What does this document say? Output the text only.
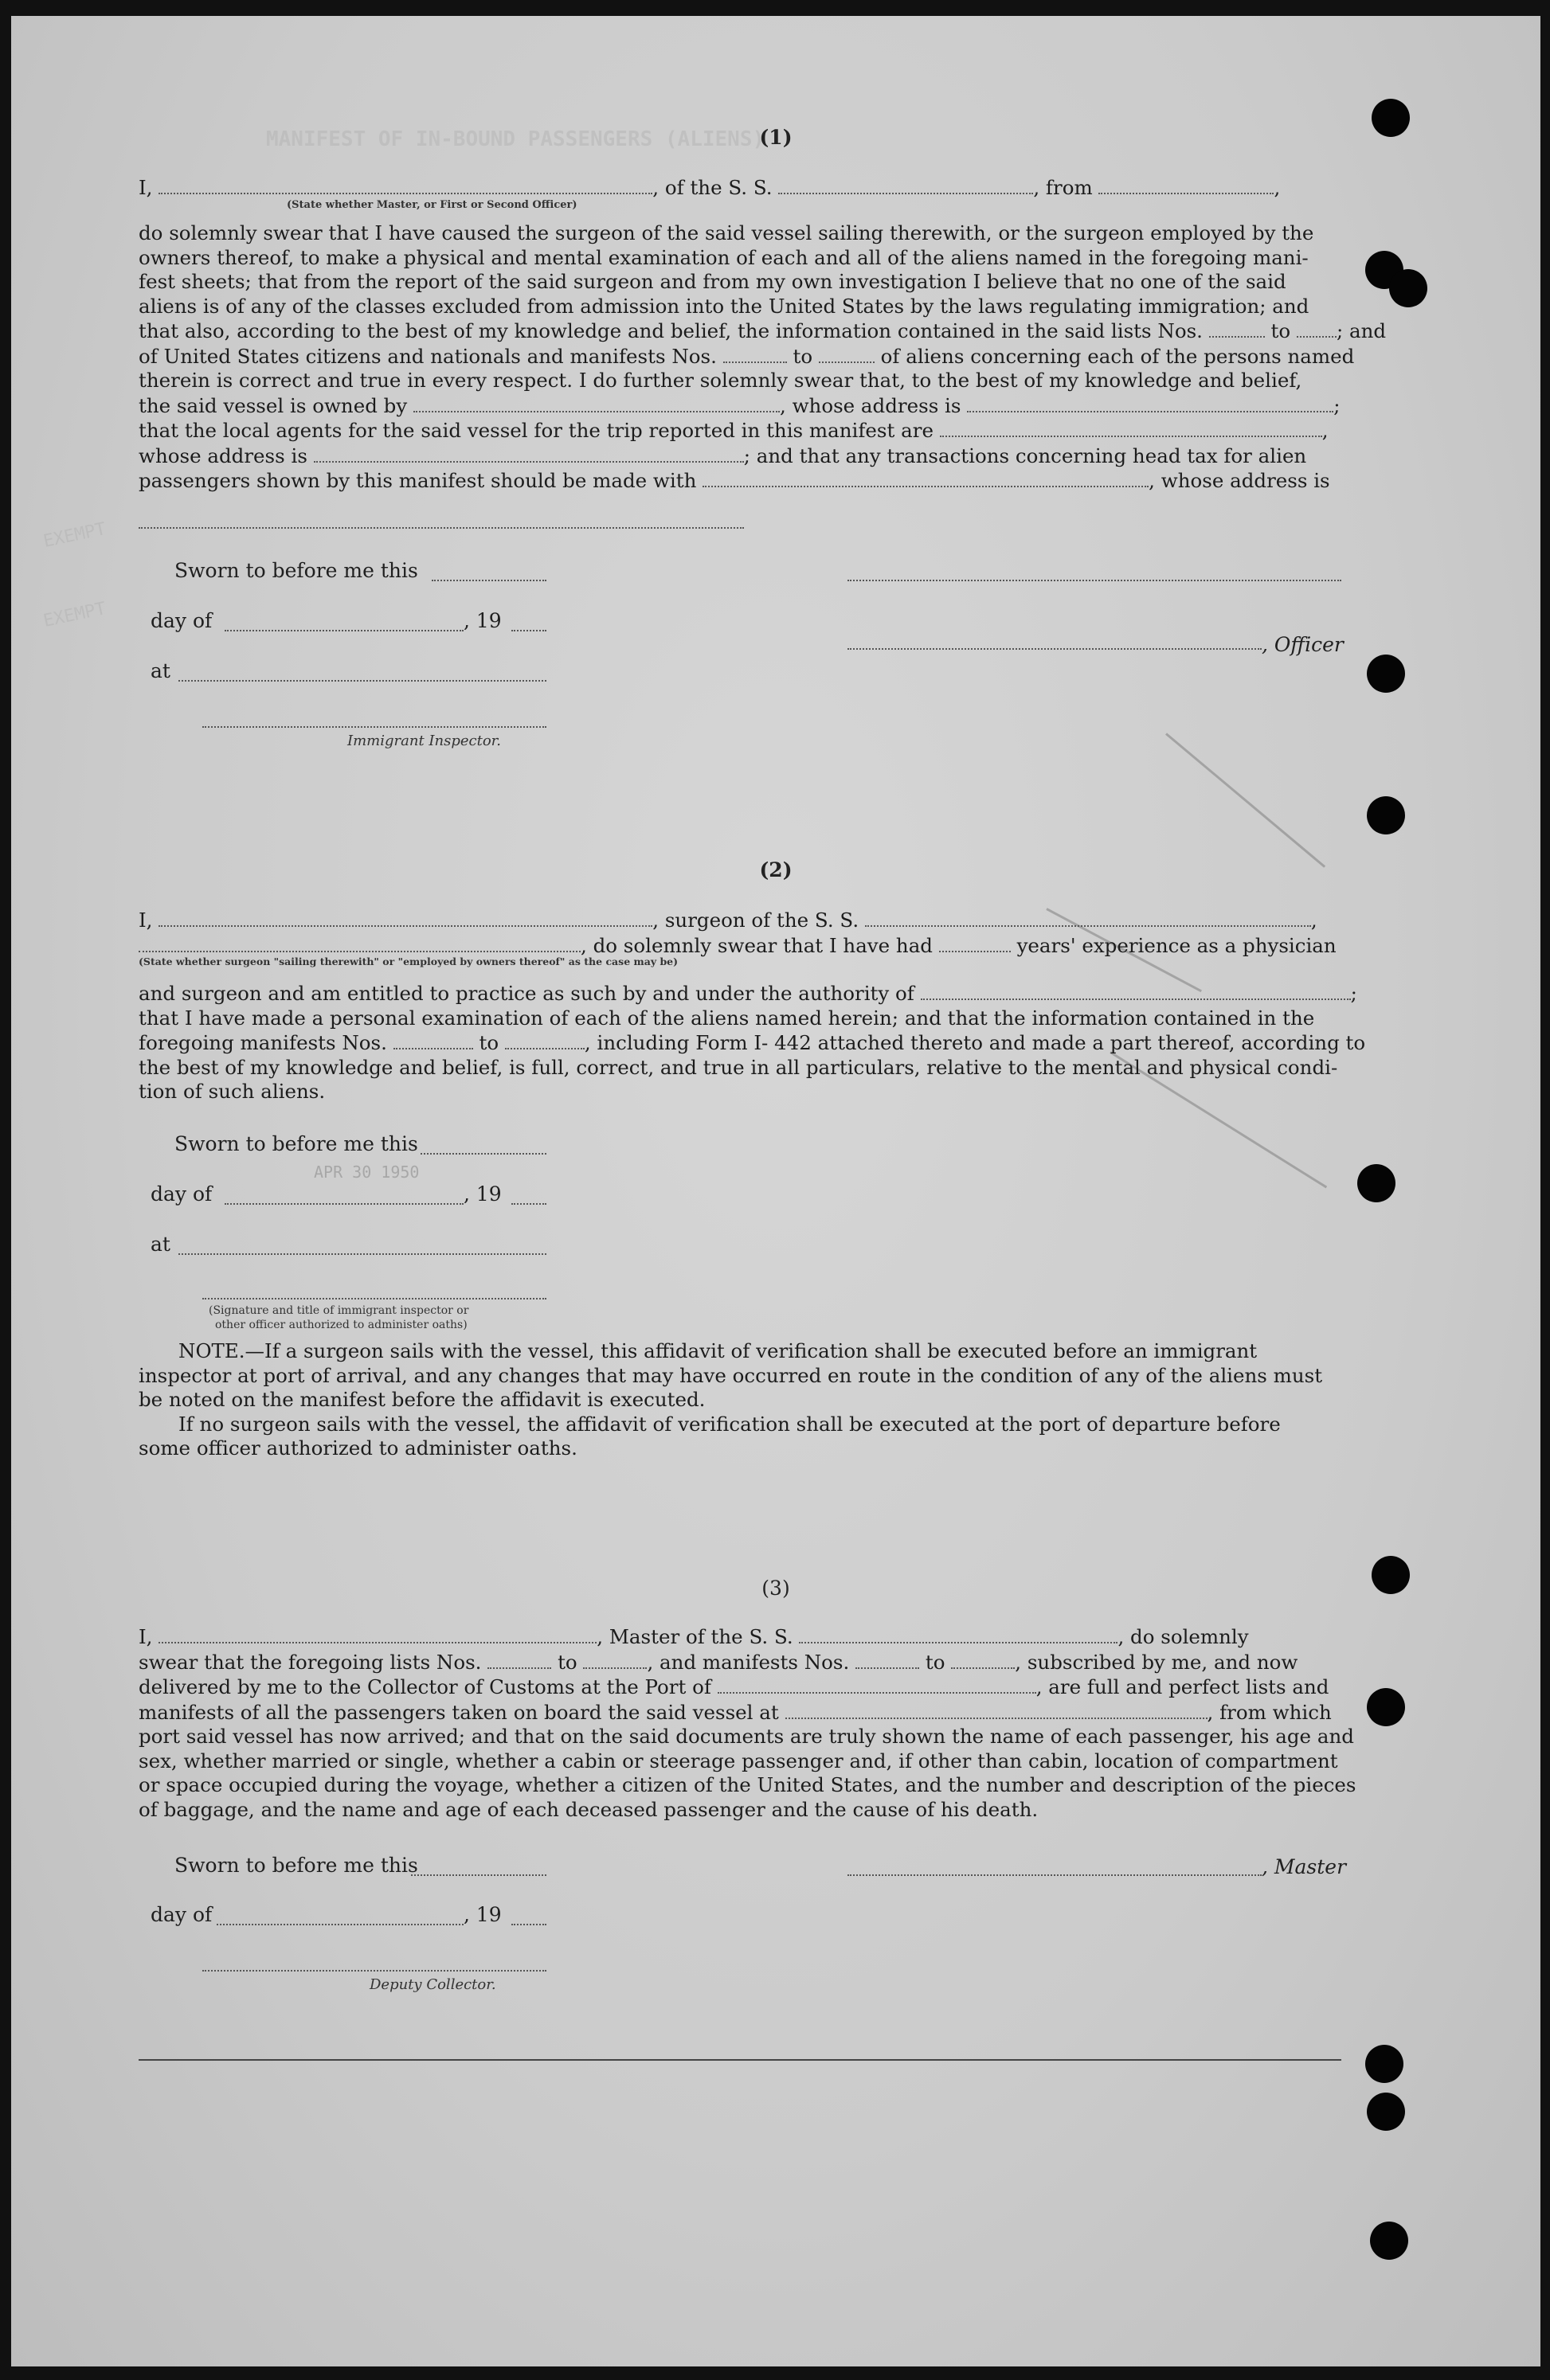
MANIFEST OF IN-BOUND PASSENGERS (ALIENS)
EXEMPT
EXEMPT
(1)
I,	, of the S. S.	, from	,
(State whether Master, or First or Second Officer)
do solemnly swear that I have caused the surgeon of the said vessel sailing therewith, or the surgeon employed by the
owners thereof, to make a physical and mental examination of each and all of the aliens named in the foregoing mani-
fest sheets; that from the report of the said surgeon and from my own investigation I believe that no one of the said
aliens is of any of the classes excluded from admission into the United States by the laws regulating immigration; and
that also, according to the best of my knowledge and belief, the information contained in the said lists Nos.	to ; and
of United States citizens and nationals and manifests Nos.	to	of aliens concerning each of the persons named
therein is correct and true in every respect. I do further solemnly swear that, to the best of my knowledge and belief,
the said vessel is owned by	, whose address is	;
that the local agents for the said vessel for the trip reported in this manifest are	,
whose address is	; and that any transactions concerning head tax for alien
passengers shown by this manifest should be made with	, whose address is
Sworn to before me this
day of	, 19
, Officer
at
Immigrant Inspector.
(2)
I,	, surgeon of the S. S.	,
, do solemnly swear that I have had	years' experience as a physician
(State whether surgeon "sailing therewith" or "employed by owners thereof" as the case may be)
and surgeon and am entitled to practice as such by and under the authority of	;
that I have made a personal examination of each of the aliens named herein; and that the information contained in the
foregoing manifests Nos.	to	, including Form I- 442 attached thereto and made a part thereof, according to
the best of my knowledge and belief, is full, correct, and true in all particulars, relative to the mental and physical condi-
tion of such aliens.
Sworn to before me this
day of	, 19
APR 30 1950
at
(Signature and title of immigrant inspector or
other officer authorized to administer oaths)
NOTE.—If a surgeon sails with the vessel, this affidavit of verification shall be executed before an immigrant
inspector at port of arrival, and any changes that may have occurred en route in the condition of any of the aliens must
be noted on the manifest before the affidavit is executed.
If no surgeon sails with the vessel, the affidavit of verification shall be executed at the port of departure before
some officer authorized to administer oaths.
(3)
I,	, Master of the S. S.	, do solemnly
swear that the foregoing lists Nos.	to	, and manifests Nos.	to	, subscribed by me, and now
delivered by me to the Collector of Customs at the Port of	, are full and perfect lists and
manifests of all the passengers taken on board the said vessel at	, from which
port said vessel has now arrived; and that on the said documents are truly shown the name of each passenger, his age and
sex, whether married or single, whether a cabin or steerage passenger and, if other than cabin, location of compartment
or space occupied during the voyage, whether a citizen of the United States, and the number and description of the pieces
of baggage, and the name and age of each deceased passenger and the cause of his death.
Sworn to before me this	, Master
day of	, 19
Deputy Collector.
